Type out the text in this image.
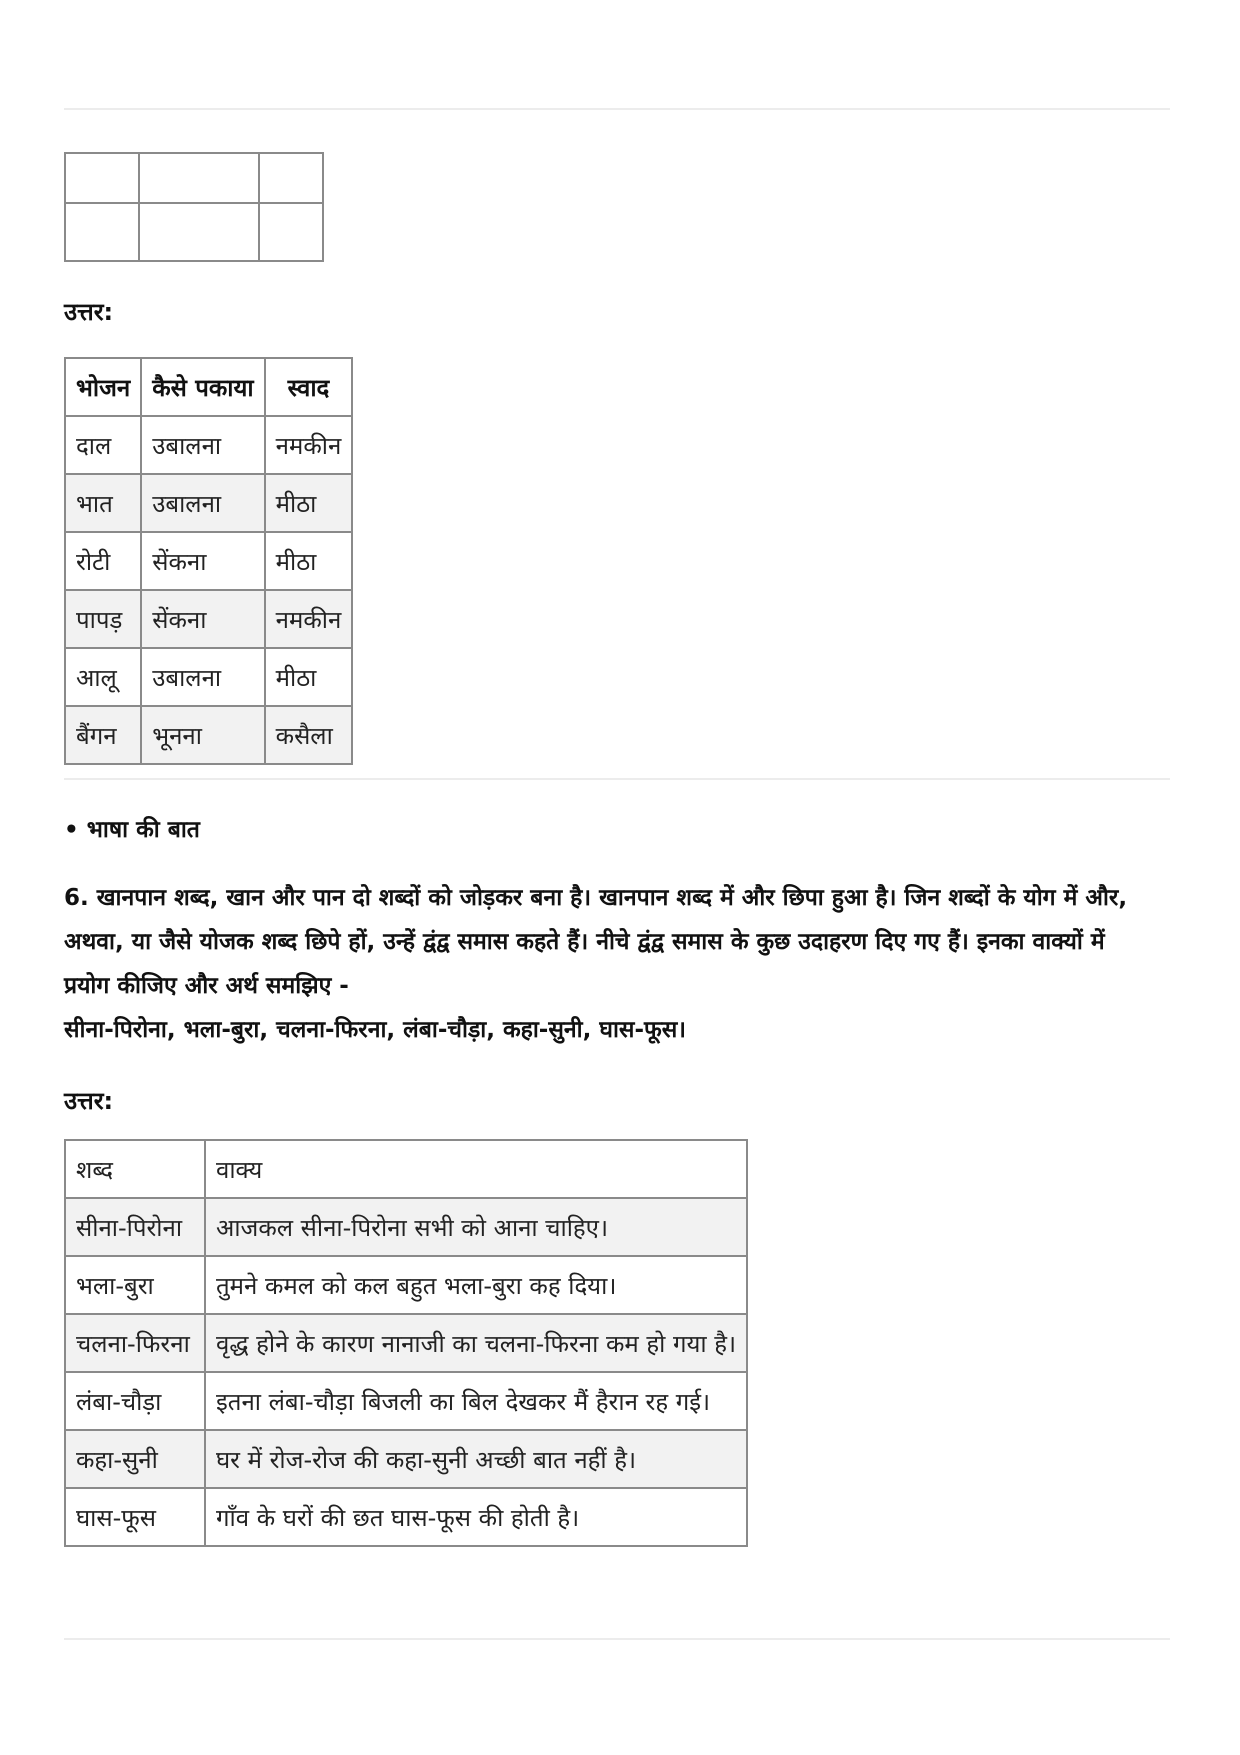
उत्तर:
भोजन	कैसे पकाया	स्वाद
दाल	उबालना	नमकीन
भात	उबालना	मीठा
रोटी	सेंकना	मीठा
पापड़	सेंकना	नमकीन
आलू	उबालना	मीठा
बैंगन	भूनना	कसैला
• भाषा की बात
6. खानपान शब्द, खान और पान दो शब्दों को जोड़कर बना है। खानपान शब्द में और छिपा हुआ है। जिन शब्दों के योग में और,
अथवा, या जैसे योजक शब्द छिपे हों, उन्हें द्वंद्व समास कहते हैं। नीचे द्वंद्व समास के कुछ उदाहरण दिए गए हैं। इनका वाक्यों में
प्रयोग कीजिए और अर्थ समझिए -
सीना-पिरोना, भला-बुरा, चलना-फिरना, लंबा-चौड़ा, कहा-सुनी, घास-फूस।
उत्तर:
शब्द	वाक्य
सीना-पिरोना	आजकल सीना-पिरोना सभी को आना चाहिए।
भला-बुरा	तुमने कमल को कल बहुत भला-बुरा कह दिया।
चलना-फिरना	वृद्ध होने के कारण नानाजी का चलना-फिरना कम हो गया है।
लंबा-चौड़ा	इतना लंबा-चौड़ा बिजली का बिल देखकर मैं हैरान रह गई।
कहा-सुनी	घर में रोज-रोज की कहा-सुनी अच्छी बात नहीं है।
घास-फूस	गाँव के घरों की छत घास-फूस की होती है।
